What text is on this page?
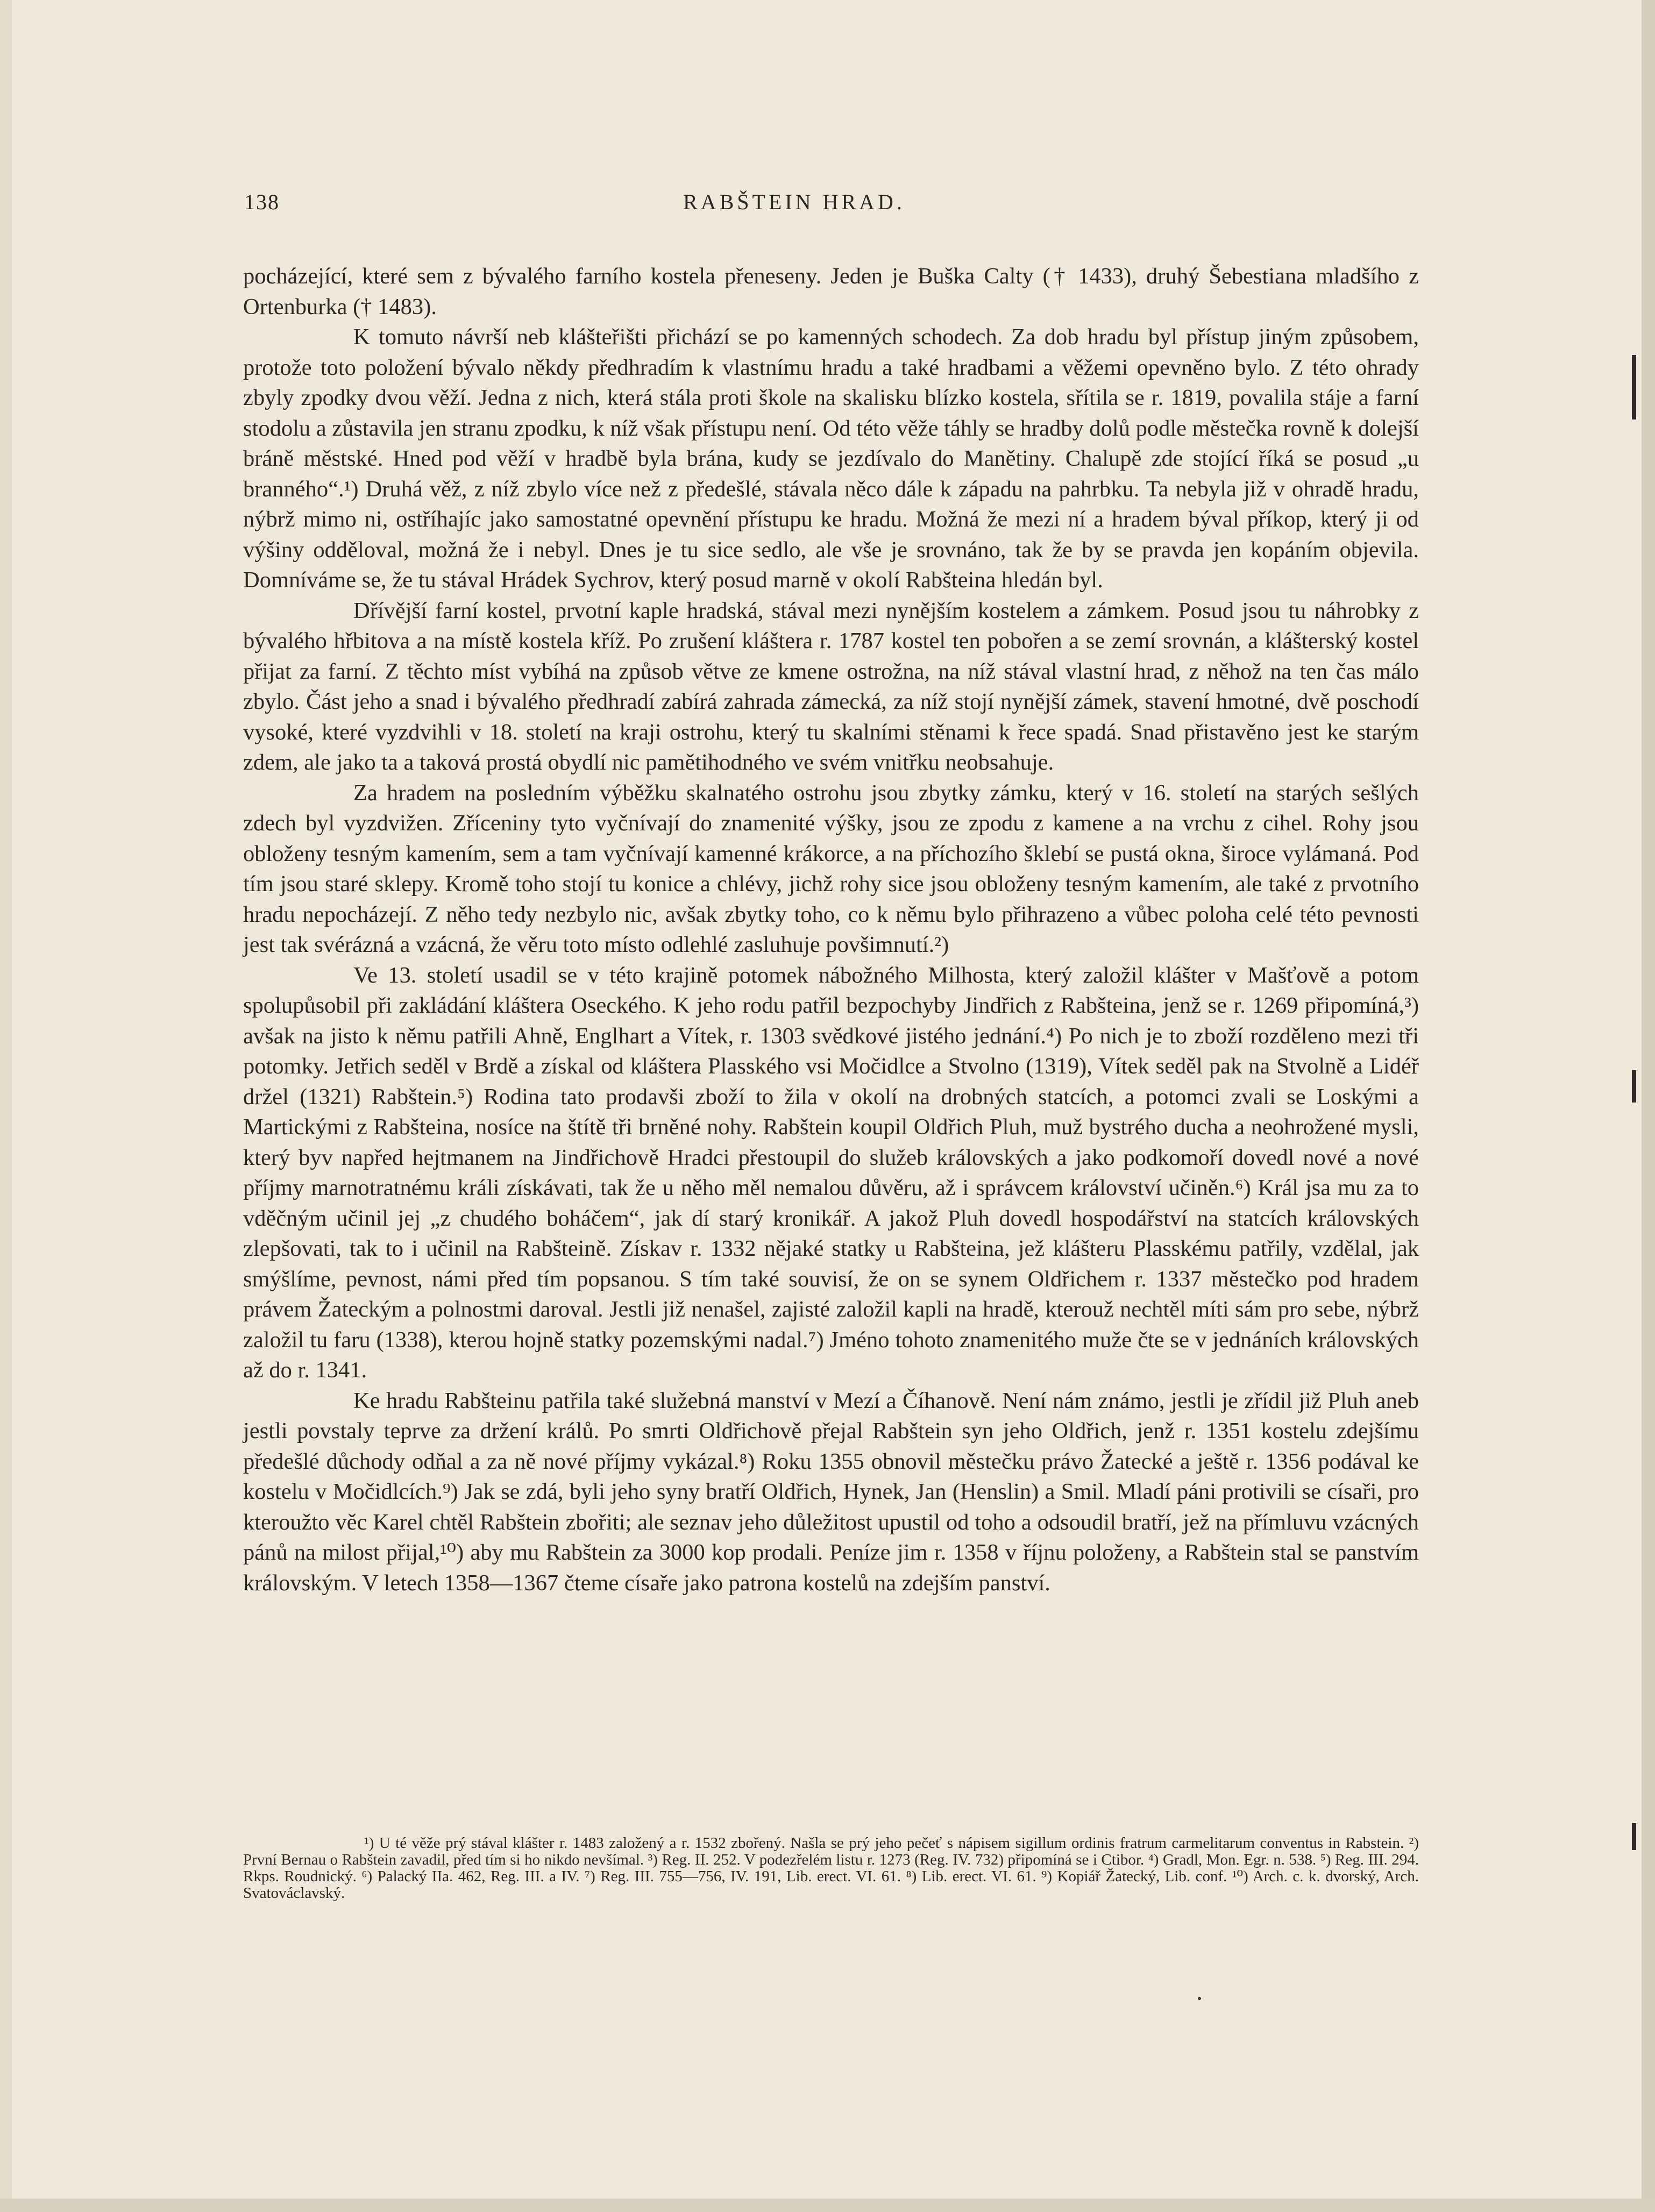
138	RABŠTEIN HRAD.

pocházející, které sem z bývalého farního kostela přeneseny. Jeden je Buška Calty († 1433), druhý Šebestiana mladšího z Ortenburka († 1483).

K tomuto návrší neb klášteřišti přichází se po kamenných schodech. Za dob hradu byl přístup jiným způsobem, protože toto položení bývalo někdy předhradím k vlastnímu hradu a také hradbami a věžemi opevněno bylo. Z této ohrady zbyly zpodky dvou věží. Jedna z nich, která stála proti škole na skalisku blízko kostela, sřítila se r. 1819, povalila stáje a farní stodolu a zůstavila jen stranu zpodku, k níž však přístupu není. Od této věže táhly se hradby dolů podle městečka rovně k dolejší bráně městské. Hned pod věží v hradbě byla brána, kudy se jezdívalo do Manětiny. Chalupě zde stojící říká se posud „u branného“.¹) Druhá věž, z níž zbylo více než z předešlé, stávala něco dále k západu na pahrbku. Ta nebyla již v ohradě hradu, nýbrž mimo ni, ostříhajíc jako samostatné opevnění přístupu ke hradu. Možná že mezi ní a hradem býval příkop, který ji od výšiny odděloval, možná že i nebyl. Dnes je tu sice sedlo, ale vše je srovnáno, tak že by se pravda jen kopáním objevila. Domníváme se, že tu stával Hrádek Sychrov, který posud marně v okolí Rabšteina hledán byl.

Dřívější farní kostel, prvotní kaple hradská, stával mezi nynějším kostelem a zámkem. Posud jsou tu náhrobky z bývalého hřbitova a na místě kostela kříž. Po zrušení kláštera r. 1787 kostel ten pobořen a se zemí srovnán, a klášterský kostel přijat za farní. Z těchto míst vybíhá na způsob větve ze kmene ostrožna, na níž stával vlastní hrad, z něhož na ten čas málo zbylo. Část jeho a snad i bývalého předhradí zabírá zahrada zámecká, za níž stojí nynější zámek, stavení hmotné, dvě poschodí vysoké, které vyzdvihli v 18. století na kraji ostrohu, který tu skalními stěnami k řece spadá. Snad přistavěno jest ke starým zdem, ale jako ta a taková prostá obydlí nic pamětihodného ve svém vnitřku neobsahuje.

Za hradem na posledním výběžku skalnatého ostrohu jsou zbytky zámku, který v 16. století na starých sešlých zdech byl vyzdvižen. Zříceniny tyto vyčnívají do znamenité výšky, jsou ze zpodu z kamene a na vrchu z cihel. Rohy jsou obloženy tesným kamením, sem a tam vyčnívají kamenné krákorce, a na příchozího šklebí se pustá okna, široce vylámaná. Pod tím jsou staré sklepy. Kromě toho stojí tu konice a chlévy, jichž rohy sice jsou obloženy tesným kamením, ale také z prvotního hradu nepocházejí. Z něho tedy nezbylo nic, avšak zbytky toho, co k němu bylo přihrazeno a vůbec poloha celé této pevnosti jest tak svérázná a vzácná, že věru toto místo odlehlé zasluhuje povšimnutí.²)

Ve 13. století usadil se v této krajině potomek nábožného Milhosta, který založil klášter v Mašťově a potom spolupůsobil při zakládání kláštera Oseckého. K jeho rodu patřil bezpochyby Jindřich z Rabšteina, jenž se r. 1269 připomíná,³) avšak na jisto k němu patřili Ahně, Englhart a Vítek, r. 1303 svědkové jistého jednání.⁴) Po nich je to zboží rozděleno mezi tři potomky. Jetřich seděl v Brdě a získal od kláštera Plasského vsi Močidlce a Stvolno (1319), Vítek seděl pak na Stvolně a Lidéř držel (1321) Rabštein.⁵) Rodina tato prodavši zboží to žila v okolí na drobných statcích, a potomci zvali se Loskými a Martickými z Rabšteina, nosíce na štítě tři brněné nohy. Rabštein koupil Oldřich Pluh, muž bystrého ducha a neohrožené mysli, který byv napřed hejtmanem na Jindřichově Hradci přestoupil do služeb královských a jako podkomoří dovedl nové a nové příjmy marnotratnému králi získávati, tak že u něho měl nemalou důvěru, až i správcem království učiněn.⁶) Král jsa mu za to vděčným učinil jej „z chudého boháčem“, jak dí starý kronikář. A jakož Pluh dovedl hospodářství na statcích královských zlepšovati, tak to i učinil na Rabšteině. Získav r. 1332 nějaké statky u Rabšteina, jež klášteru Plasskému patřily, vzdělal, jak smýšlíme, pevnost, námi před tím popsanou. S tím také souvisí, že on se synem Oldřichem r. 1337 městečko pod hradem právem Žateckým a polnostmi daroval. Jestli již nenašel, zajisté založil kapli na hradě, kterouž nechtěl míti sám pro sebe, nýbrž založil tu faru (1338), kterou hojně statky pozemskými nadal.⁷) Jméno tohoto znamenitého muže čte se v jednáních královských až do r. 1341.

Ke hradu Rabšteinu patřila také služebná manství v Mezí a Číhanově. Není nám známo, jestli je zřídil již Pluh aneb jestli povstaly teprve za držení králů. Po smrti Oldřichově přejal Rabštein syn jeho Oldřich, jenž r. 1351 kostelu zdejšímu předešlé důchody odňal a za ně nové příjmy vykázal.⁸) Roku 1355 obnovil městečku právo Žatecké a ještě r. 1356 podával ke kostelu v Močidlcích.⁹) Jak se zdá, byli jeho syny bratří Oldřich, Hynek, Jan (Henslin) a Smil. Mladí páni protivili se císaři, pro kteroužto věc Karel chtěl Rabštein zbořiti; ale seznav jeho důležitost upustil od toho a odsoudil bratří, jež na přímluvu vzácných pánů na milost přijal,¹⁰) aby mu Rabštein za 3000 kop prodali. Peníze jim r. 1358 v říjnu položeny, a Rabštein stal se panstvím královským. V letech 1358—1367 čteme císaře jako patrona kostelů na zdejším panství.

¹) U té věže prý stával klášter r. 1483 založený a r. 1532 zbořený. Našla se prý jeho pečeť s nápisem sigillum ordinis fratrum carmelitarum conventus in Rabstein. ²) První Bernau o Rabštein zavadil, před tím si ho nikdo nevšímal. ³) Reg. II. 252. V podezřelém listu r. 1273 (Reg. IV. 732) připomíná se i Ctibor. ⁴) Gradl, Mon. Egr. n. 538. ⁵) Reg. III. 294. Rkps. Roudnický. ⁶) Palacký IIa. 462, Reg. III. a IV. ⁷) Reg. III. 755—756, IV. 191, Lib. erect. VI. 61. ⁸) Lib. erect. VI. 61. ⁹) Kopiář Žatecký, Lib. conf. ¹⁰) Arch. c. k. dvorský, Arch. Svatováclavský.
